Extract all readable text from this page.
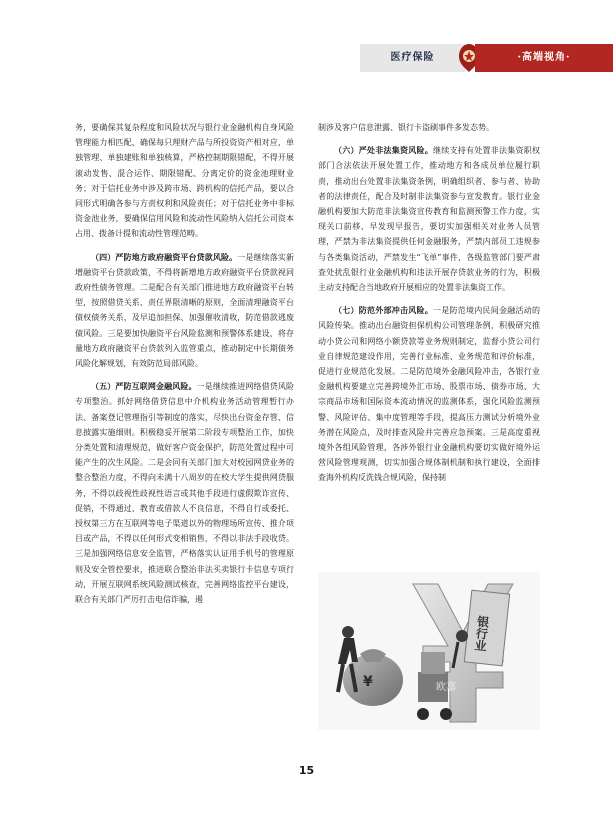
医疗保险	·高端视角·

务，要确保其复杂程度和风险状况与银行业金融机构自身风险管理能力相匹配，确保每只理财产品与所投资资产相对应，单独管理、单独建账和单独核算，严格控制期限错配，不得开展滚动发售、混合运作、期限错配、分离定价的资金池理财业务；对于信托业务中涉及跨市场、跨机构的信托产品，要以合同形式明确各参与方责权利和风险责任；对于信托业务中非标资金池业务，要确保信用风险和流动性风险纳入信托公司资本占用、拨备计提和流动性管理范畴。

（四）严防地方政府融资平台贷款风险。一是继续落实新增融资平台贷款政策，不得将新增地方政府融资平台贷款视同政府性债务管理。二是配合有关部门推进地方政府融资平台转型，按照借贷关系、责任界限清晰的原则，全面清理融资平台债权债务关系，及早追加担保、加强催收清收，防范借款逃废债风险。三是要加快融资平台风险监测和预警体系建设，将存量地方政府融资平台贷款列入监管重点，推动制定中长期债务风险化解规划，有效防范局部风险。

（五）严防互联网金融风险。一是继续推进网络借贷风险专项整治。抓好网络借贷信息中介机构业务活动管理暂行办法、备案登记管理指引等制度的落实，尽快出台资金存管、信息披露实施细则。积极稳妥开展第二阶段专项整治工作，加快分类处置和清理规范，做好客户资金保护，防范处置过程中可能产生的次生风险。二是会同有关部门加大对校园网贷业务的整合整治力度，不得向未满十八周岁的在校大学生提供网贷服务，不得以歧视性歧视性语言或其他手段进行虚假欺诈宣传、促销，不得通过、教育或借款人不良信息，不得自行或委托、授权第三方在互联网等电子渠道以外的物理场所宣传、推介项目或产品，不得以任何形式变相销售，不得以非法手段收贷。三是加强网络信息安全监管，严格落实认证用手机号的管理原则及安全管控要求，推进联合整治非法买卖银行卡信息专项行动，开展互联网系统风险测试核查，完善网络监控平台建设，联合有关部门严厉打击电信诈骗，遏

制涉及客户信息泄露、银行卡盗刷事件多发态势。

（六）严处非法集资风险。继续支持有处置非法集资职权部门合法依法开展处置工作，推动地方和各成员单位履行职责，推动出台处置非法集资条例，明确组织者、参与者、协助者的法律责任，配合及时制非法集资参与宣发教育。银行业金融机构要加大防范非法集资宣传教育和监测预警工作力度，实现关口前移、早发现早报告，要切实加强相关对业务人员管理，严禁为非法集资提供任何金融服务，严禁内部员工违规参与各类集资活动，严禁发生“飞单”事件，各级监管部门要严肃查处扰乱银行业金融机构和违法开展存贷款业务的行为，积极主动支持配合当地政府开展相应的处置非法集资工作。

（七）防范外部冲击风险。一是防范境内民间金融活动的风险传染。推动出台融资担保机构公司管理条例，积极研究推动小贷公司和网络小额贷款等业务规则制定，监督小贷公司行业自律规范建设作用，完善行业标准、业务规范和评价标准，促进行业规范化发展。二是防范境外金融风险冲击，各银行业金融机构要建立完善跨境外汇市场、股票市场、债券市场、大宗商品市场和国际资本流动情况的监测体系，强化风险监测预警、风险评估、集中度管理等手段，提高压力测试分析境外业务潜在风险点，及时排查风险并完善应急预案。三是高度重视境外各组风险管理，各涉外银行业金融机构要切实做好境外运营风险管理观测，切实加强合规体制机制和执行建设，全面排查海外机构反洗钱合规风险，保持制

银行业
¥	欧嘉
15
